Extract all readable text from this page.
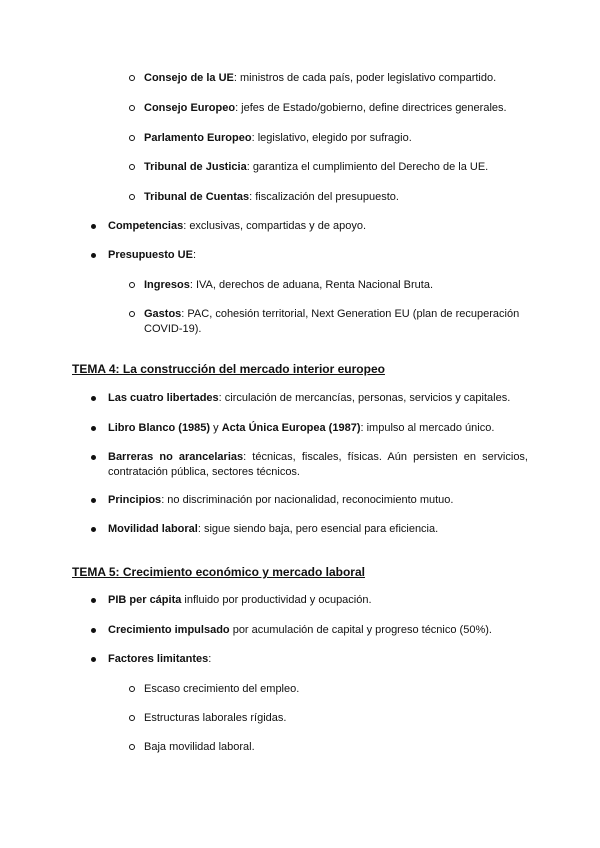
Consejo de la UE: ministros de cada país, poder legislativo compartido.
Consejo Europeo: jefes de Estado/gobierno, define directrices generales.
Parlamento Europeo: legislativo, elegido por sufragio.
Tribunal de Justicia: garantiza el cumplimiento del Derecho de la UE.
Tribunal de Cuentas: fiscalización del presupuesto.
Competencias: exclusivas, compartidas y de apoyo.
Presupuesto UE:
Ingresos: IVA, derechos de aduana, Renta Nacional Bruta.
Gastos: PAC, cohesión territorial, Next Generation EU (plan de recuperación COVID-19).
TEMA 4: La construcción del mercado interior europeo
Las cuatro libertades: circulación de mercancías, personas, servicios y capitales.
Libro Blanco (1985) y Acta Única Europea (1987): impulso al mercado único.
Barreras no arancelarias: técnicas, fiscales, físicas. Aún persisten en servicios, contratación pública, sectores técnicos.
Principios: no discriminación por nacionalidad, reconocimiento mutuo.
Movilidad laboral: sigue siendo baja, pero esencial para eficiencia.
TEMA 5: Crecimiento económico y mercado laboral
PIB per cápita influido por productividad y ocupación.
Crecimiento impulsado por acumulación de capital y progreso técnico (50%).
Factores limitantes:
Escaso crecimiento del empleo.
Estructuras laborales rígidas.
Baja movilidad laboral.
